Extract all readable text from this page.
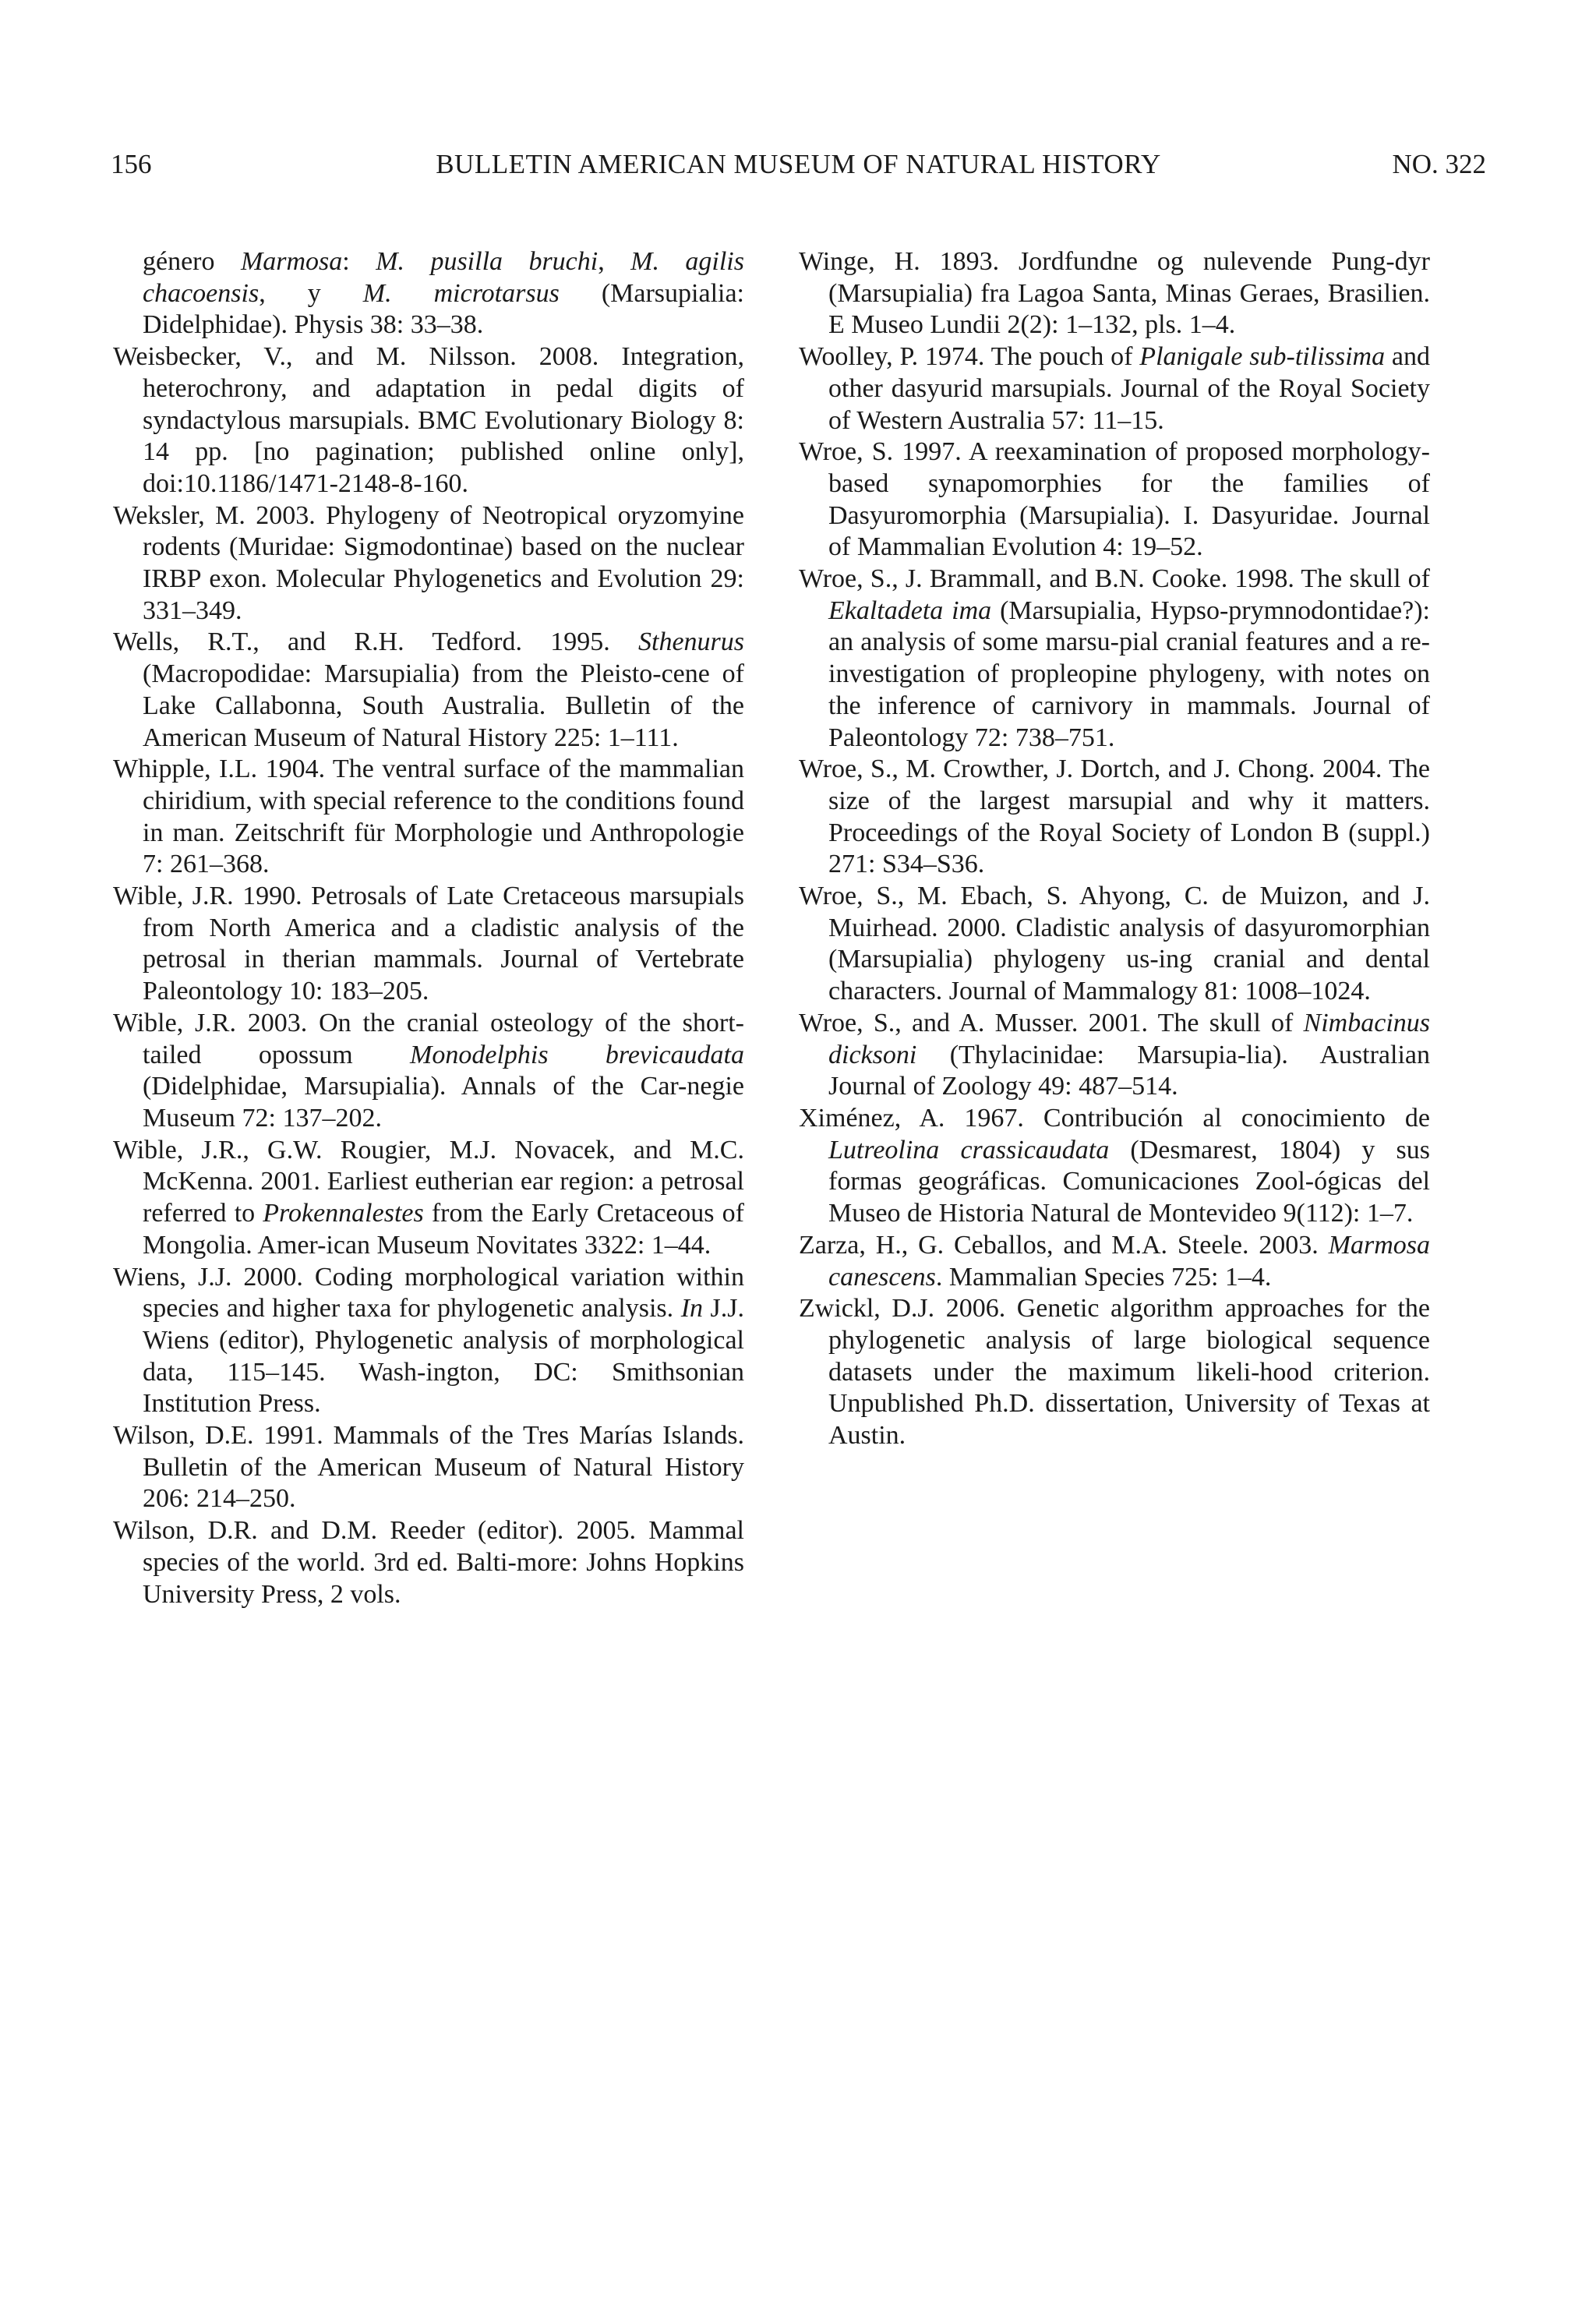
156	BULLETIN AMERICAN MUSEUM OF NATURAL HISTORY	NO. 322

género Marmosa: M. pusilla bruchi, M. agilis chacoensis, y M. microtarsus (Marsupialia: Didelphidae). Physis 38: 33–38.

Weisbecker, V., and M. Nilsson. 2008. Integration, heterochrony, and adaptation in pedal digits of syndactylous marsupials. BMC Evolutionary Biology 8: 14 pp. [no pagination; published online only], doi:10.1186/1471-2148-8-160.

Weksler, M. 2003. Phylogeny of Neotropical oryzomyine rodents (Muridae: Sigmodontinae) based on the nuclear IRBP exon. Molecular Phylogenetics and Evolution 29: 331–349.

Wells, R.T., and R.H. Tedford. 1995. Sthenurus (Macropodidae: Marsupialia) from the Pleisto-cene of Lake Callabonna, South Australia. Bulletin of the American Museum of Natural History 225: 1–111.

Whipple, I.L. 1904. The ventral surface of the mammalian chiridium, with special reference to the conditions found in man. Zeitschrift für Morphologie und Anthropologie 7: 261–368.

Wible, J.R. 1990. Petrosals of Late Cretaceous marsupials from North America and a cladistic analysis of the petrosal in therian mammals. Journal of Vertebrate Paleontology 10: 183–205.

Wible, J.R. 2003. On the cranial osteology of the short-tailed opossum Monodelphis brevicaudata (Didelphidae, Marsupialia). Annals of the Car-negie Museum 72: 137–202.

Wible, J.R., G.W. Rougier, M.J. Novacek, and M.C. McKenna. 2001. Earliest eutherian ear region: a petrosal referred to Prokennalestes from the Early Cretaceous of Mongolia. Amer-ican Museum Novitates 3322: 1–44.

Wiens, J.J. 2000. Coding morphological variation within species and higher taxa for phylogenetic analysis. In J.J. Wiens (editor), Phylogenetic analysis of morphological data, 115–145. Wash-ington, DC: Smithsonian Institution Press.

Wilson, D.E. 1991. Mammals of the Tres Marías Islands. Bulletin of the American Museum of Natural History 206: 214–250.

Wilson, D.R. and D.M. Reeder (editor). 2005. Mammal species of the world. 3rd ed. Balti-more: Johns Hopkins University Press, 2 vols.

Winge, H. 1893. Jordfundne og nulevende Pung-dyr (Marsupialia) fra Lagoa Santa, Minas Geraes, Brasilien. E Museo Lundii 2(2): 1–132, pls. 1–4.

Woolley, P. 1974. The pouch of Planigale sub-tilissima and other dasyurid marsupials. Journal of the Royal Society of Western Australia 57: 11–15.

Wroe, S. 1997. A reexamination of proposed morphology-based synapomorphies for the families of Dasyuromorphia (Marsupialia). I. Dasyuridae. Journal of Mammalian Evolution 4: 19–52.

Wroe, S., J. Brammall, and B.N. Cooke. 1998. The skull of Ekaltadeta ima (Marsupialia, Hypso-prymnodontidae?): an analysis of some marsu-pial cranial features and a re-investigation of propleopine phylogeny, with notes on the inference of carnivory in mammals. Journal of Paleontology 72: 738–751.

Wroe, S., M. Crowther, J. Dortch, and J. Chong. 2004. The size of the largest marsupial and why it matters. Proceedings of the Royal Society of London B (suppl.) 271: S34–S36.

Wroe, S., M. Ebach, S. Ahyong, C. de Muizon, and J. Muirhead. 2000. Cladistic analysis of dasyuromorphian (Marsupialia) phylogeny us-ing cranial and dental characters. Journal of Mammalogy 81: 1008–1024.

Wroe, S., and A. Musser. 2001. The skull of Nimbacinus dicksoni (Thylacinidae: Marsupia-lia). Australian Journal of Zoology 49: 487–514.

Ximénez, A. 1967. Contribución al conocimiento de Lutreolina crassicaudata (Desmarest, 1804) y sus formas geográficas. Comunicaciones Zool-ógicas del Museo de Historia Natural de Montevideo 9(112): 1–7.

Zarza, H., G. Ceballos, and M.A. Steele. 2003. Marmosa canescens. Mammalian Species 725: 1–4.

Zwickl, D.J. 2006. Genetic algorithm approaches for the phylogenetic analysis of large biological sequence datasets under the maximum likeli-hood criterion. Unpublished Ph.D. dissertation, University of Texas at Austin.
